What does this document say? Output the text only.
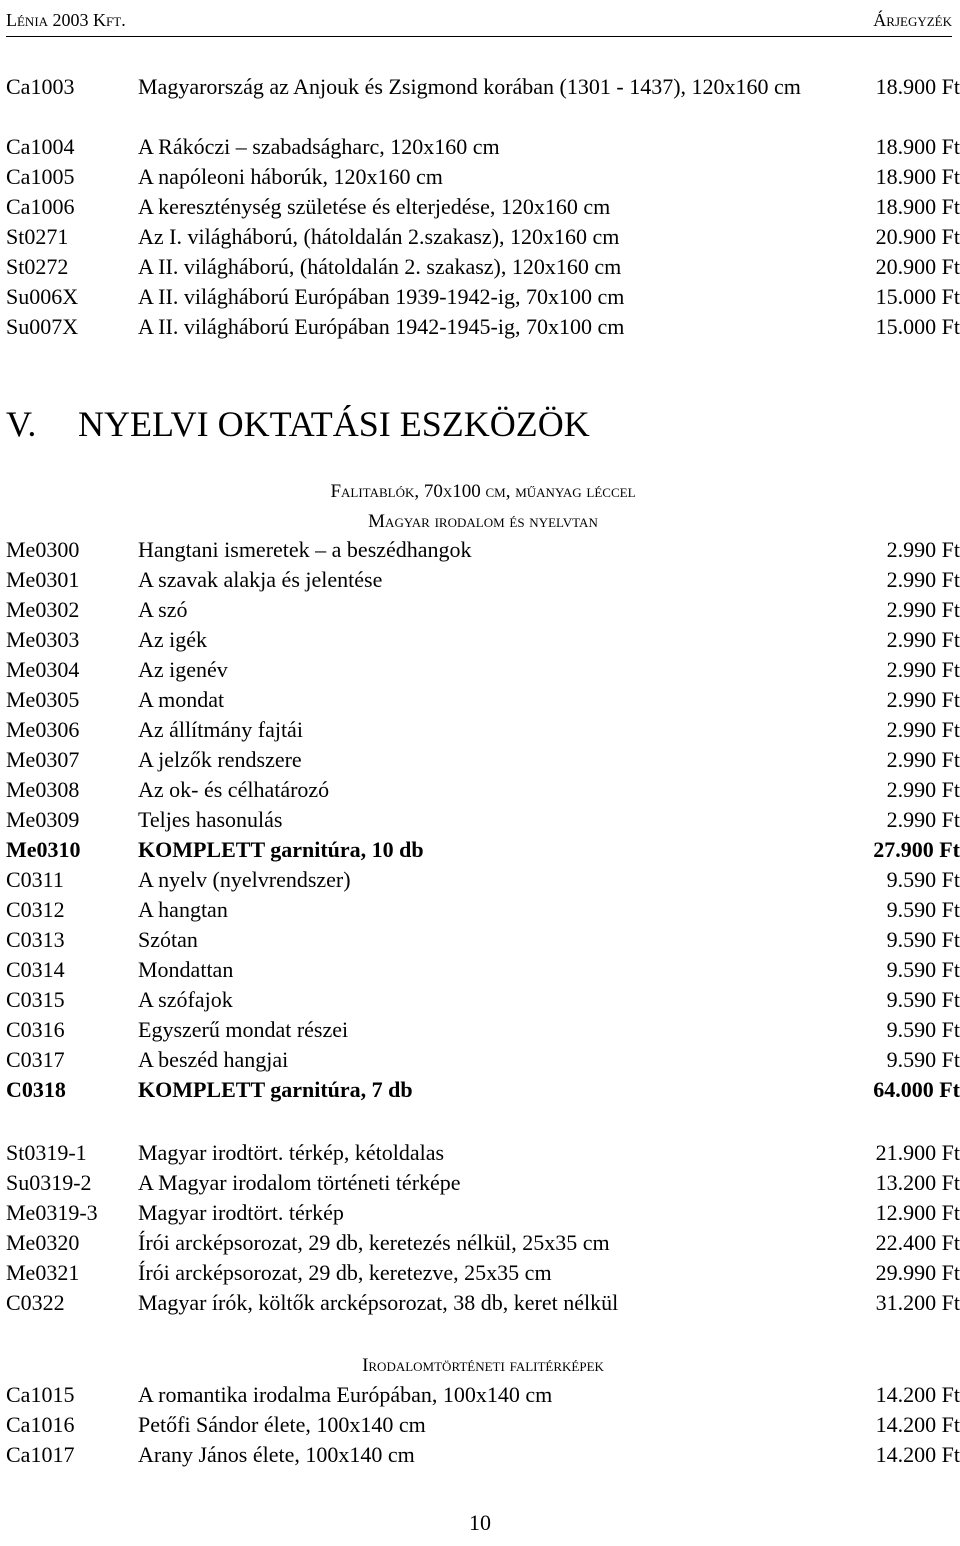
Lénia 2003 Kft.	Árjegyzék
Ca1003	Magyarország az Anjouk és Zsigmond korában (1301 - 1437), 120x160 cm	18.900 Ft
Ca1004	A Rákóczi – szabadságharc, 120x160 cm	18.900 Ft
Ca1005	A napóleoni háborúk, 120x160 cm	18.900 Ft
Ca1006	A kereszténység születése és elterjedése, 120x160 cm	18.900 Ft
St0271	Az I. világháború, (hátoldalán 2.szakasz), 120x160 cm	20.900 Ft
St0272	A II. világháború, (hátoldalán 2. szakasz), 120x160 cm	20.900 Ft
Su006X	A II. világháború Európában 1939-1942-ig, 70x100 cm	15.000 Ft
Su007X	A II. világháború Európában 1942-1945-ig, 70x100 cm	15.000 Ft
V. NYELVI OKTATÁSI ESZKÖZÖK
Falitablók, 70x100 cm, műanyag léccel
Magyar irodalom és nyelvtan
Me0300	Hangtani ismeretek – a beszédhangok	2.990 Ft
Me0301	A szavak alakja és jelentése	2.990 Ft
Me0302	A szó	2.990 Ft
Me0303	Az igék	2.990 Ft
Me0304	Az igenév	2.990 Ft
Me0305	A mondat	2.990 Ft
Me0306	Az állítmány fajtái	2.990 Ft
Me0307	A jelzők rendszere	2.990 Ft
Me0308	Az ok- és célhatározó	2.990 Ft
Me0309	Teljes hasonulás	2.990 Ft
Me0310	KOMPLETT garnitúra, 10 db	27.900 Ft
C0311	A nyelv (nyelvrendszer)	9.590 Ft
C0312	A hangtan	9.590 Ft
C0313	Szótan	9.590 Ft
C0314	Mondattan	9.590 Ft
C0315	A szófajok	9.590 Ft
C0316	Egyszerű mondat részei	9.590 Ft
C0317	A beszéd hangjai	9.590 Ft
C0318	KOMPLETT garnitúra, 7 db	64.000 Ft
St0319-1 Magyar irodtört. térkép, kétoldalas	21.900 Ft
Su0319-2 A Magyar irodalom történeti térképe	13.200 Ft
Me0319-3 Magyar irodtört. térkép	12.900 Ft
Me0320	Írói arcképsorozat, 29 db, keretezés nélkül, 25x35 cm	22.400 Ft
Me0321	Írói arcképsorozat, 29 db, keretezve, 25x35 cm	29.990 Ft
C0322	Magyar írók, költők arcképsorozat, 38 db, keret nélkül	31.200 Ft
Irodalomtörténeti falitérképek
Ca1015	A romantika irodalma Európában, 100x140 cm	14.200 Ft
Ca1016	Petőfi Sándor élete, 100x140 cm	14.200 Ft
Ca1017	Arany János élete, 100x140 cm	14.200 Ft
10
